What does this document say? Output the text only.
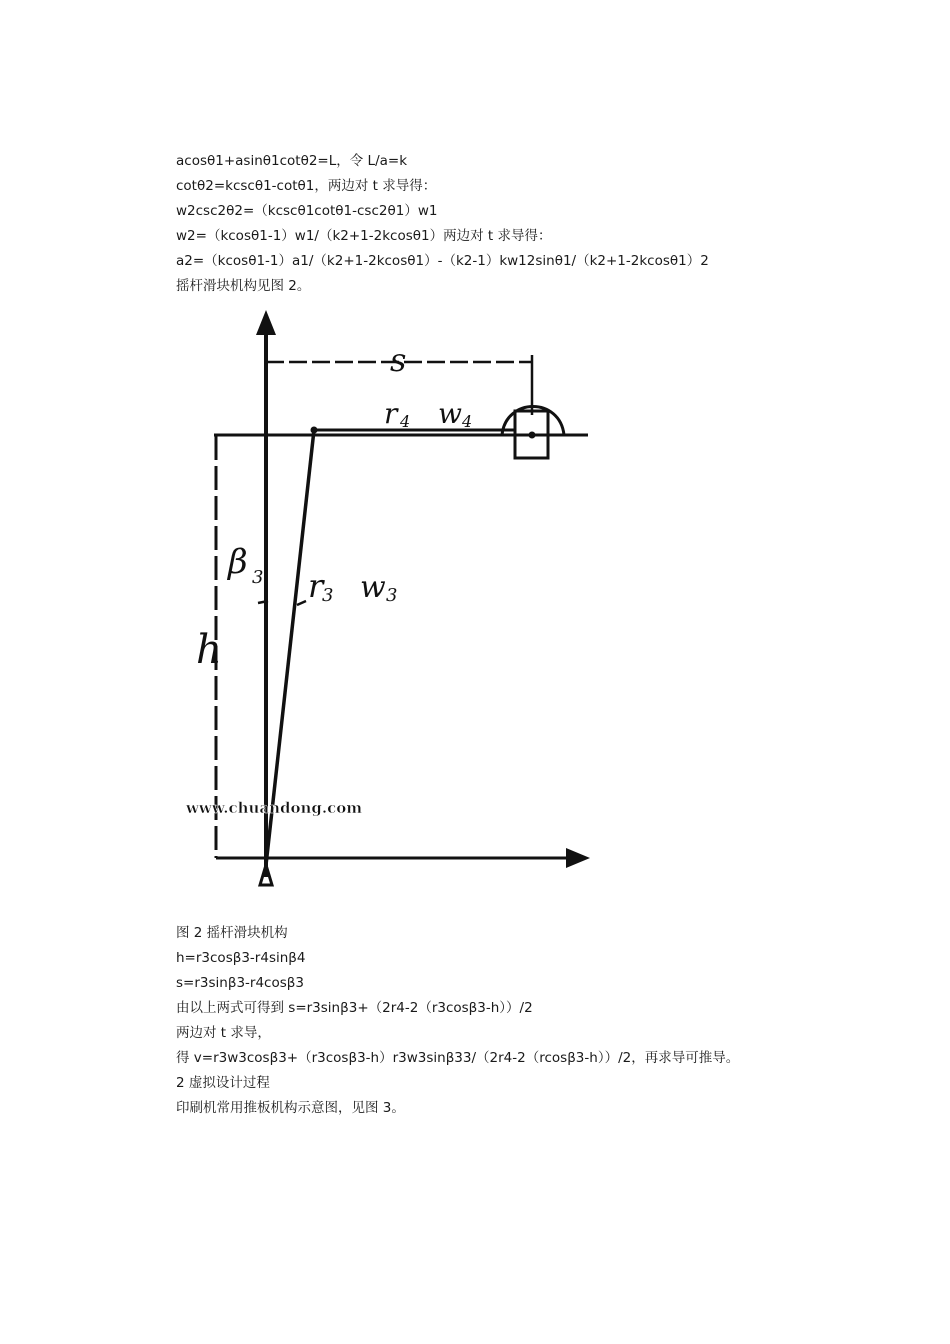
acosθ1+asinθ1cotθ2=L，令 L/a=k
cotθ2=kcscθ1-cotθ1，两边对 t 求导得：
w2csc2θ2=（kcscθ1cotθ1-csc2θ1）w1
w2=（kcosθ1-1）w1/（k2+1-2kcosθ1）两边对 t 求导得：
a2=（kcosθ1-1）a1/（k2+1-2kcosθ1）-（k2-1）kw12sinθ1/（k2+1-2kcosθ1）2
摇杆滑块机构见图 2。
s
r 4 w 4
β 3 r
3 w 3
h
www.chuandong.com
图 2 摇杆滑块机构
h=r3cosβ3-r4sinβ4
s=r3sinβ3-r4cosβ3
由以上两式可得到 s=r3sinβ3+（2r4-2（r3cosβ3-h））/2
两边对 t 求导，
得 v=r3w3cosβ3+（r3cosβ3-h）r3w3sinβ33/（2r4-2（rcosβ3-h））/2，再求导可推导。
2 虚拟设计过程
印刷机常用推板机构示意图，见图 3。
